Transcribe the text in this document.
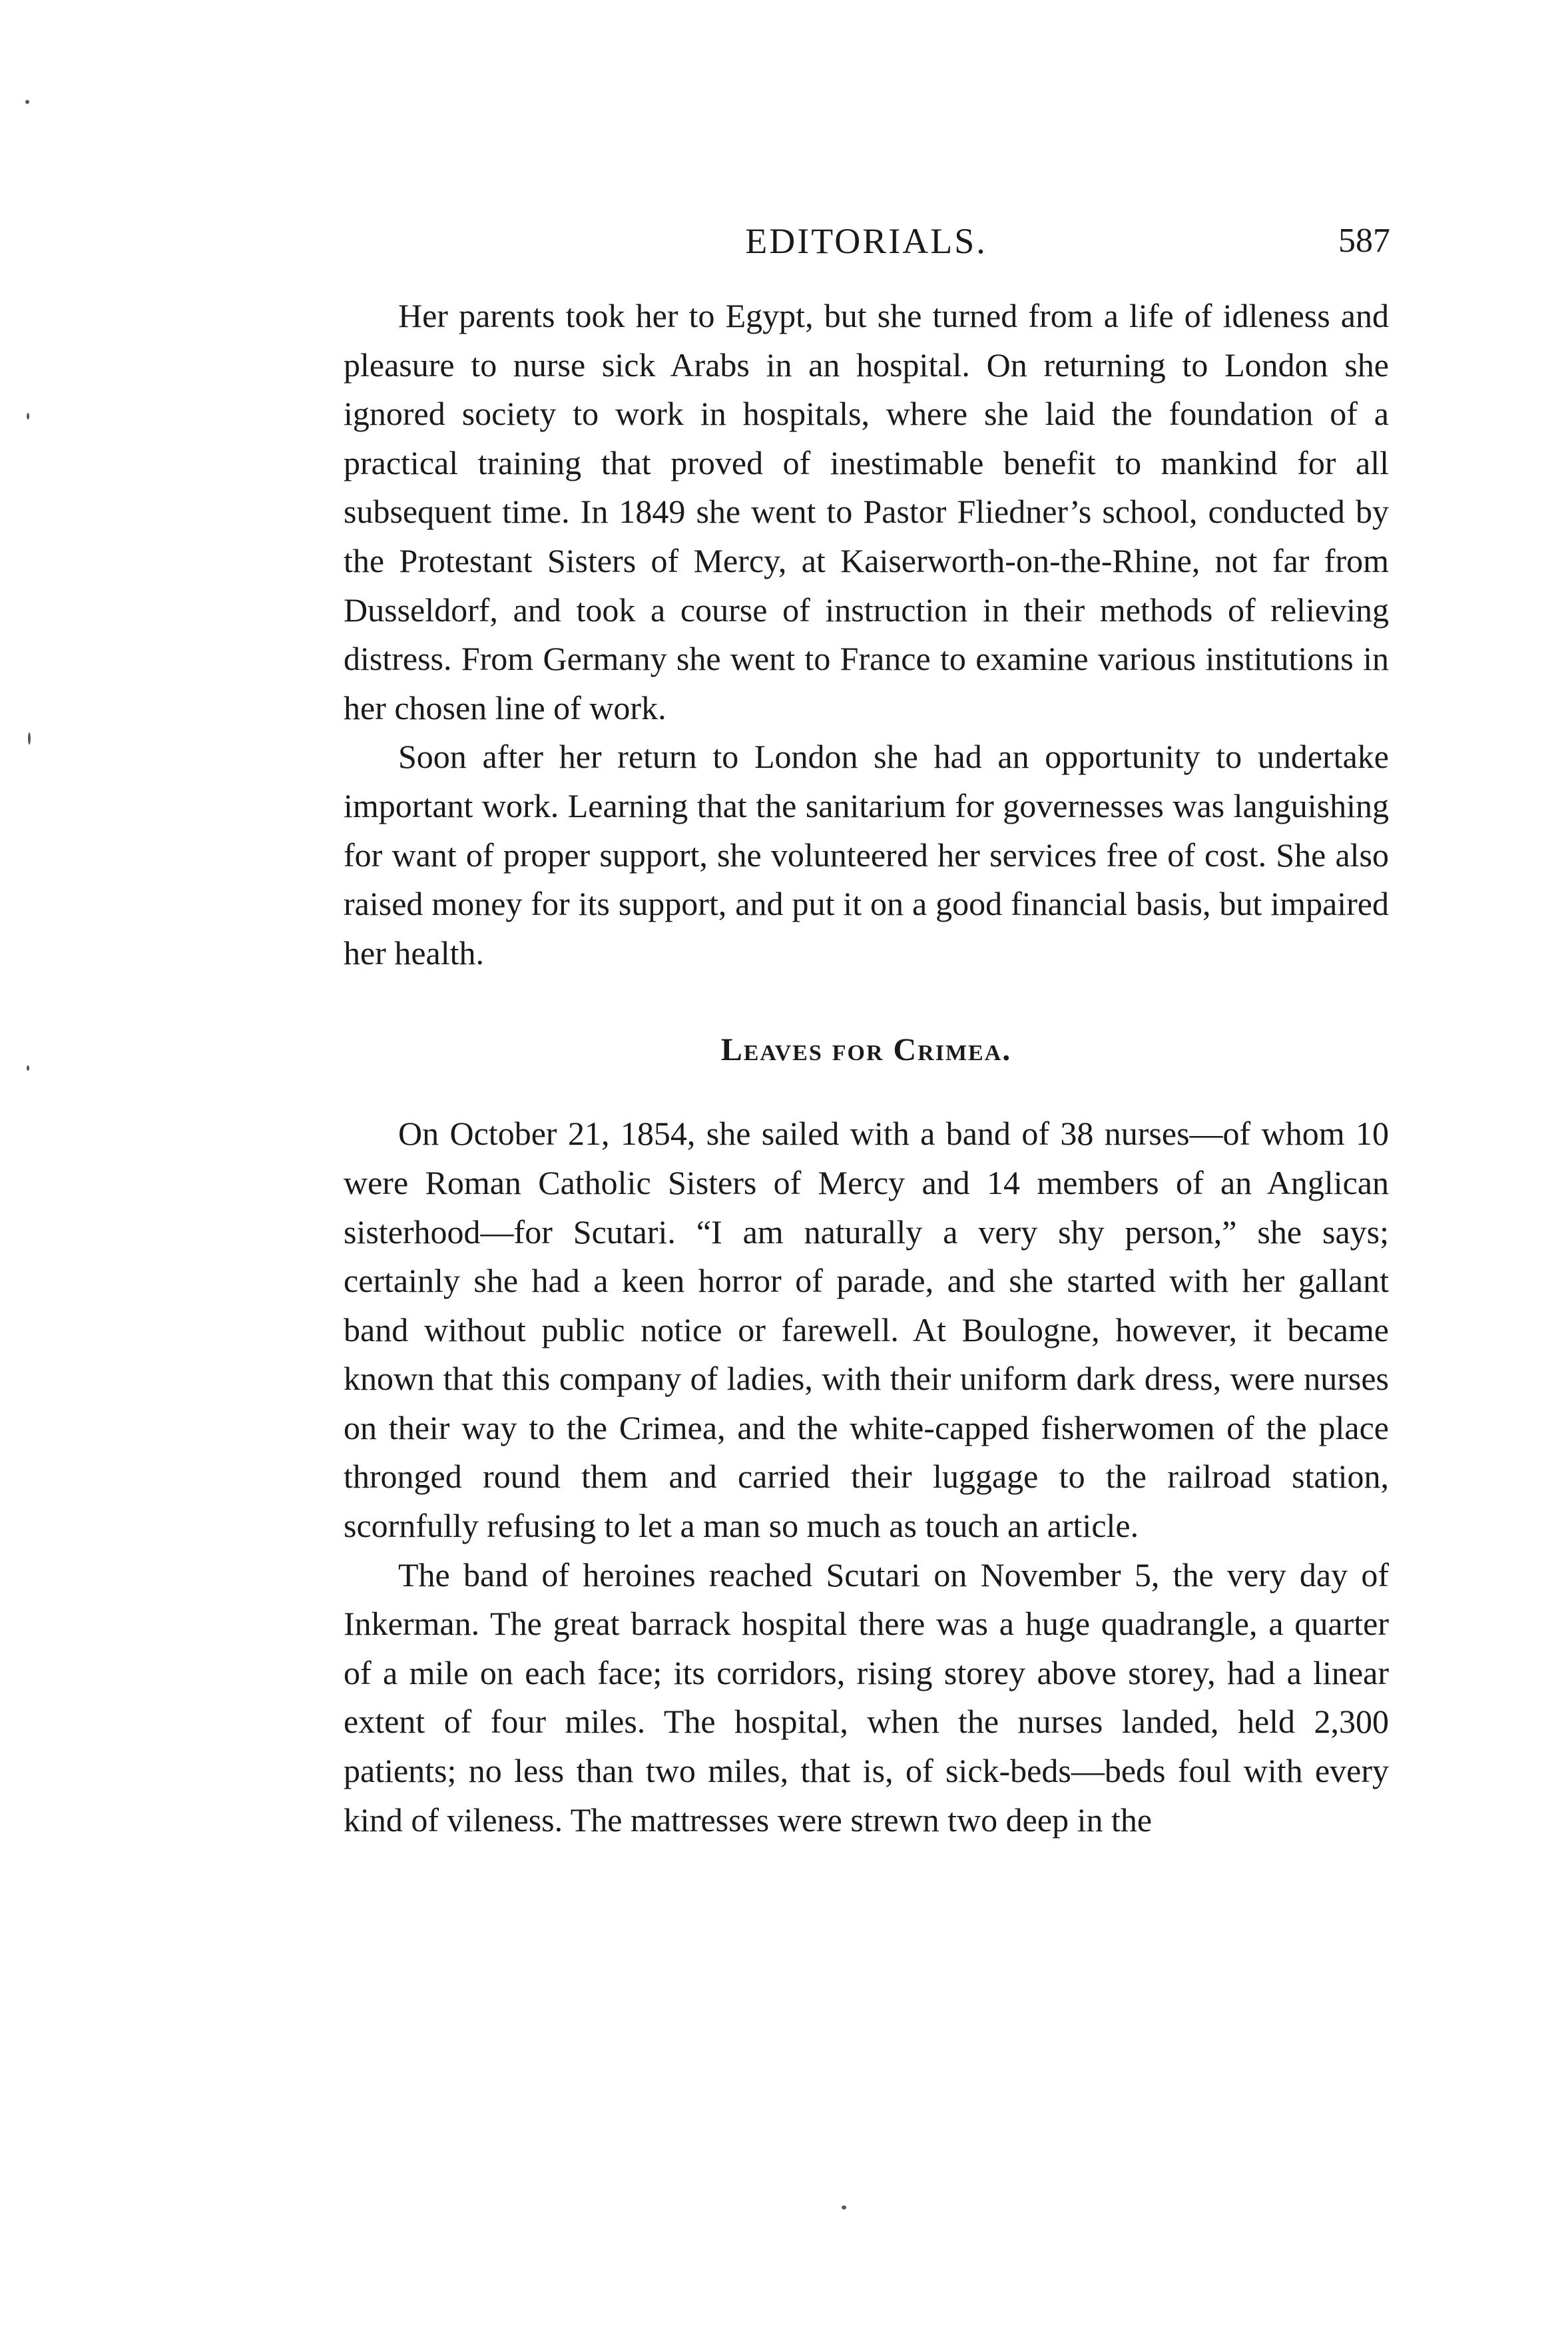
EDITORIALS.	587

Her parents took her to Egypt, but she turned from a life of idleness and pleasure to nurse sick Arabs in an hospital. On returning to London she ignored society to work in hospitals, where she laid the foundation of a practical training that proved of inestimable benefit to mankind for all subsequent time. In 1849 she went to Pastor Fliedner’s school, conducted by the Protestant Sisters of Mercy, at Kaiserworth-on-the-Rhine, not far from Dusseldorf, and took a course of instruction in their methods of relieving distress. From Germany she went to France to examine various institutions in her chosen line of work.

Soon after her return to London she had an opportunity to undertake important work. Learning that the sanitarium for governesses was languishing for want of proper support, she volunteered her services free of cost. She also raised money for its support, and put it on a good financial basis, but impaired her health.

Leaves for Crimea.

On October 21, 1854, she sailed with a band of 38 nurses—of whom 10 were Roman Catholic Sisters of Mercy and 14 members of an Anglican sisterhood—for Scutari. “I am naturally a very shy person,” she says; certainly she had a keen horror of parade, and she started with her gallant band without public notice or farewell. At Boulogne, however, it became known that this company of ladies, with their uniform dark dress, were nurses on their way to the Crimea, and the white-capped fisherwomen of the place thronged round them and carried their luggage to the railroad station, scornfully refusing to let a man so much as touch an article.

The band of heroines reached Scutari on November 5, the very day of Inkerman. The great barrack hospital there was a huge quadrangle, a quarter of a mile on each face; its corridors, rising storey above storey, had a linear extent of four miles. The hospital, when the nurses landed, held 2,300 patients; no less than two miles, that is, of sick-beds—beds foul with every kind of vileness. The mattresses were strewn two deep in the
